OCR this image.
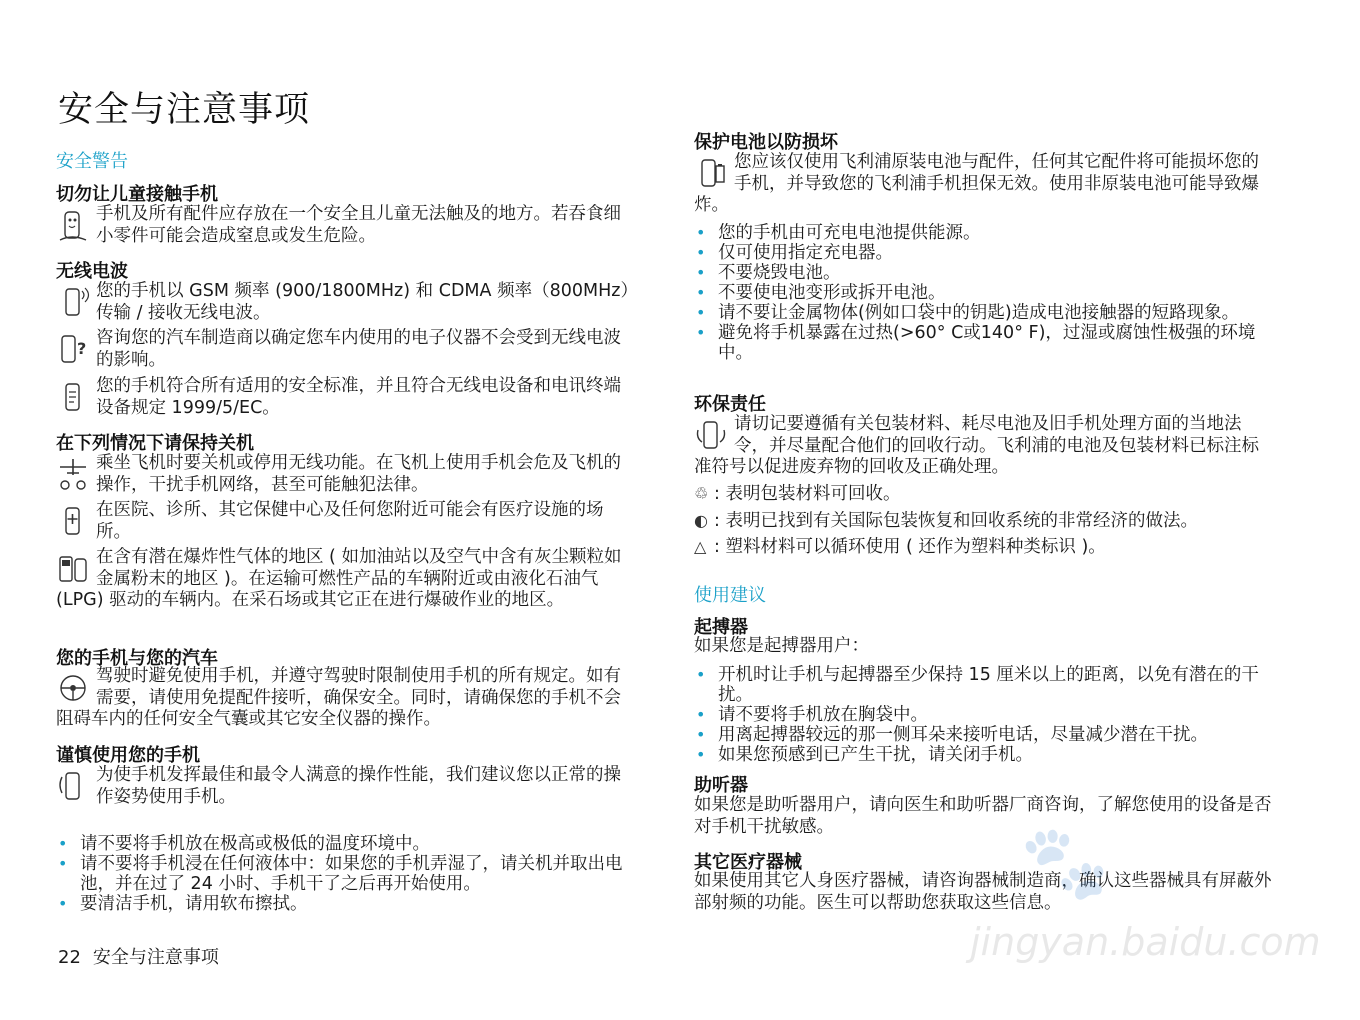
安全与注意事项
安全警告
切勿让儿童接触手机
手机及所有配件应存放在一个安全且儿童无法触及的地方。若吞食细小零件可能会造成窒息或发生危险。
无线电波
您的手机以 GSM 频率 (900/1800MHz) 和 CDMA 频率（800MHz）传输 / 接收无线电波。
?
咨询您的汽车制造商以确定您车内使用的电子仪器不会受到无线电波的影响。
您的手机符合所有适用的安全标准，并且符合无线电设备和电讯终端设备规定 1999/5/EC。
在下列情况下请保持关机
乘坐飞机时要关机或停用无线功能。在飞机上使用手机会危及飞机的操作，干扰手机网络，甚至可能触犯法律。
在医院、诊所、其它保健中心及任何您附近可能会有医疗设施的场所。
在含有潜在爆炸性气体的地区 ( 如加油站以及空气中含有灰尘颗粒如金属粉末的地区 )。在运输可燃性产品的车辆附近或由液化石油气 (LPG) 驱动的车辆内。在采石场或其它正在进行爆破作业的地区。
您的手机与您的汽车
驾驶时避免使用手机，并遵守驾驶时限制使用手机的所有规定。如有需要，请使用免提配件接听，确保安全。同时，请确保您的手机不会阻碍车内的任何安全气囊或其它安全仪器的操作。
谨慎使用您的手机
为使手机发挥最佳和最令人满意的操作性能，我们建议您以正常的操作姿势使用手机。
• 请不要将手机放在极高或极低的温度环境中。
• 请不要将手机浸在任何液体中：如果您的手机弄湿了，请关机并取出电池，并在过了 24 小时、手机干了之后再开始使用。
• 要清洁手机，请用软布擦拭。
保护电池以防损坏
您应该仅使用飞利浦原装电池与配件，任何其它配件将可能损坏您的手机，并导致您的飞利浦手机担保无效。使用非原装电池可能导致爆炸。
• 您的手机由可充电电池提供能源。
• 仅可使用指定充电器。
• 不要烧毁电池。
• 不要使电池变形或拆开电池。
• 请不要让金属物体(例如口袋中的钥匙)造成电池接触器的短路现象。
• 避免将手机暴露在过热(>60° C或140° F)，过湿或腐蚀性极强的环境中。
环保责任
请切记要遵循有关包装材料、耗尽电池及旧手机处理方面的当地法令，并尽量配合他们的回收行动。飞利浦的电池及包装材料已标注标准符号以促进废弃物的回收及正确处理。
♲ : 表明包装材料可回收。
◐ : 表明已找到有关国际包装恢复和回收系统的非常经济的做法。
△ : 塑料材料可以循环使用 ( 还作为塑料种类标识 )。
使用建议
起搏器
如果您是起搏器用户：
• 开机时让手机与起搏器至少保持 15 厘米以上的距离，以免有潜在的干扰。
• 请不要将手机放在胸袋中。
• 用离起搏器较远的那一侧耳朵来接听电话，尽量减少潜在干扰。
• 如果您预感到已产生干扰，请关闭手机。
助听器
如果您是助听器用户，请向医生和助听器厂商咨询，了解您使用的设备是否对手机干扰敏感。
其它医疗器械
如果使用其它人身医疗器械，请咨询器械制造商，确认这些器械具有屏蔽外部射频的功能。医生可以帮助您获取这些信息。
22 安全与注意事项
🐾
jingyan.baidu.com
